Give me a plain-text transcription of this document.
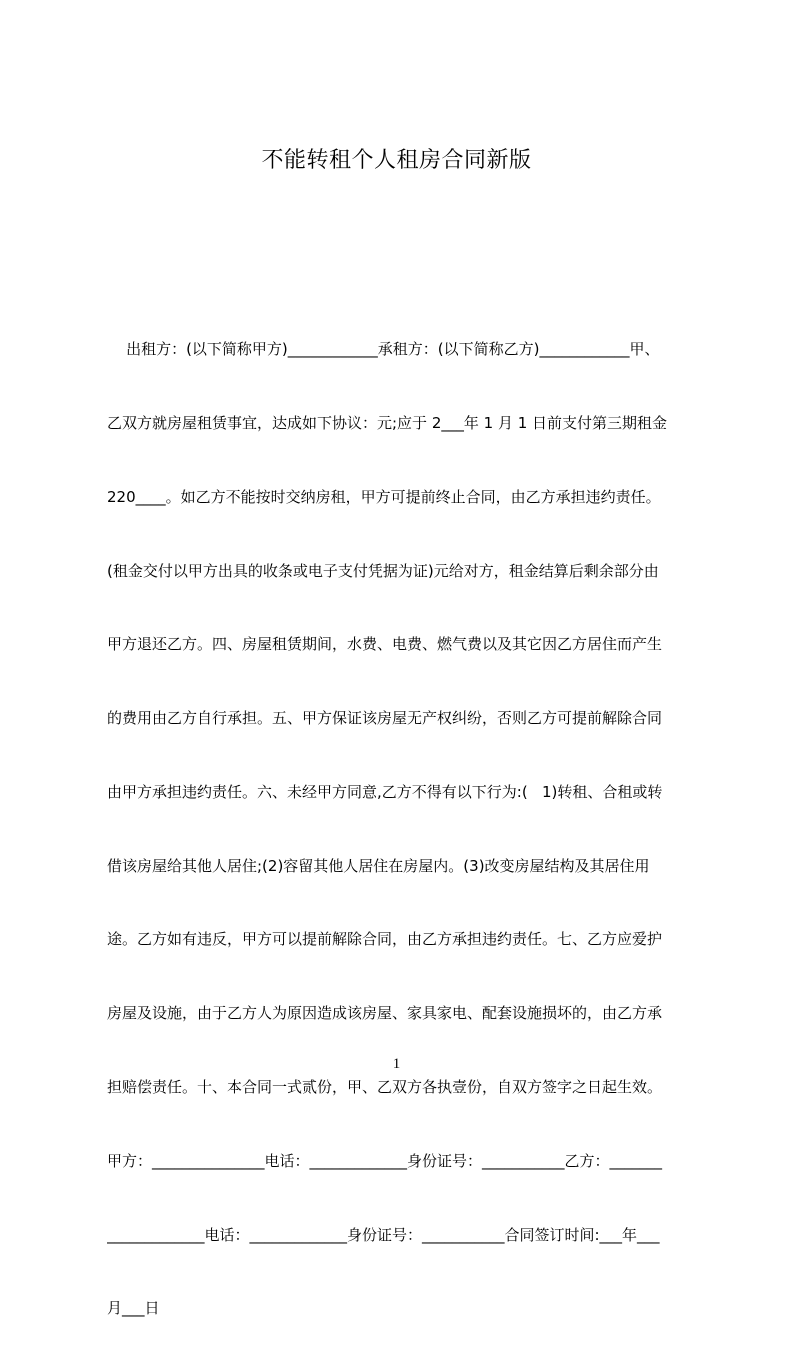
不能转租个人租房合同新版

出租方：(以下简称甲方)____________承租方：(以下简称乙方)____________甲、

乙双方就房屋租赁事宜，达成如下协议：元;应于 2___年 1 月 1 日前支付第三期租金

220____。如乙方不能按时交纳房租，甲方可提前终止合同，由乙方承担违约责任。

(租金交付以甲方出具的收条或电子支付凭据为证)元给对方，租金结算后剩余部分由

甲方退还乙方。四、房屋租赁期间，水费、电费、燃气费以及其它因乙方居住而产生

的费用由乙方自行承担。五、甲方保证该房屋无产权纠纷，否则乙方可提前解除合同

由甲方承担违约责任。六、未经甲方同意,乙方不得有以下行为:(   1)转租、合租或转

借该房屋给其他人居住;(2)容留其他人居住在房屋内。(3)改变房屋结构及其居住用

途。乙方如有违反，甲方可以提前解除合同，由乙方承担违约责任。七、乙方应爱护

房屋及设施，由于乙方人为原因造成该房屋、家具家电、配套设施损坏的，由乙方承

担赔偿责任。十、本合同一式贰份，甲、乙双方各执壹份，自双方签字之日起生效。

甲方：_______________电话：_____________身份证号：___________乙方：_______

_____________电话：_____________身份证号：___________合同签订时间:___年___

月___日

1
